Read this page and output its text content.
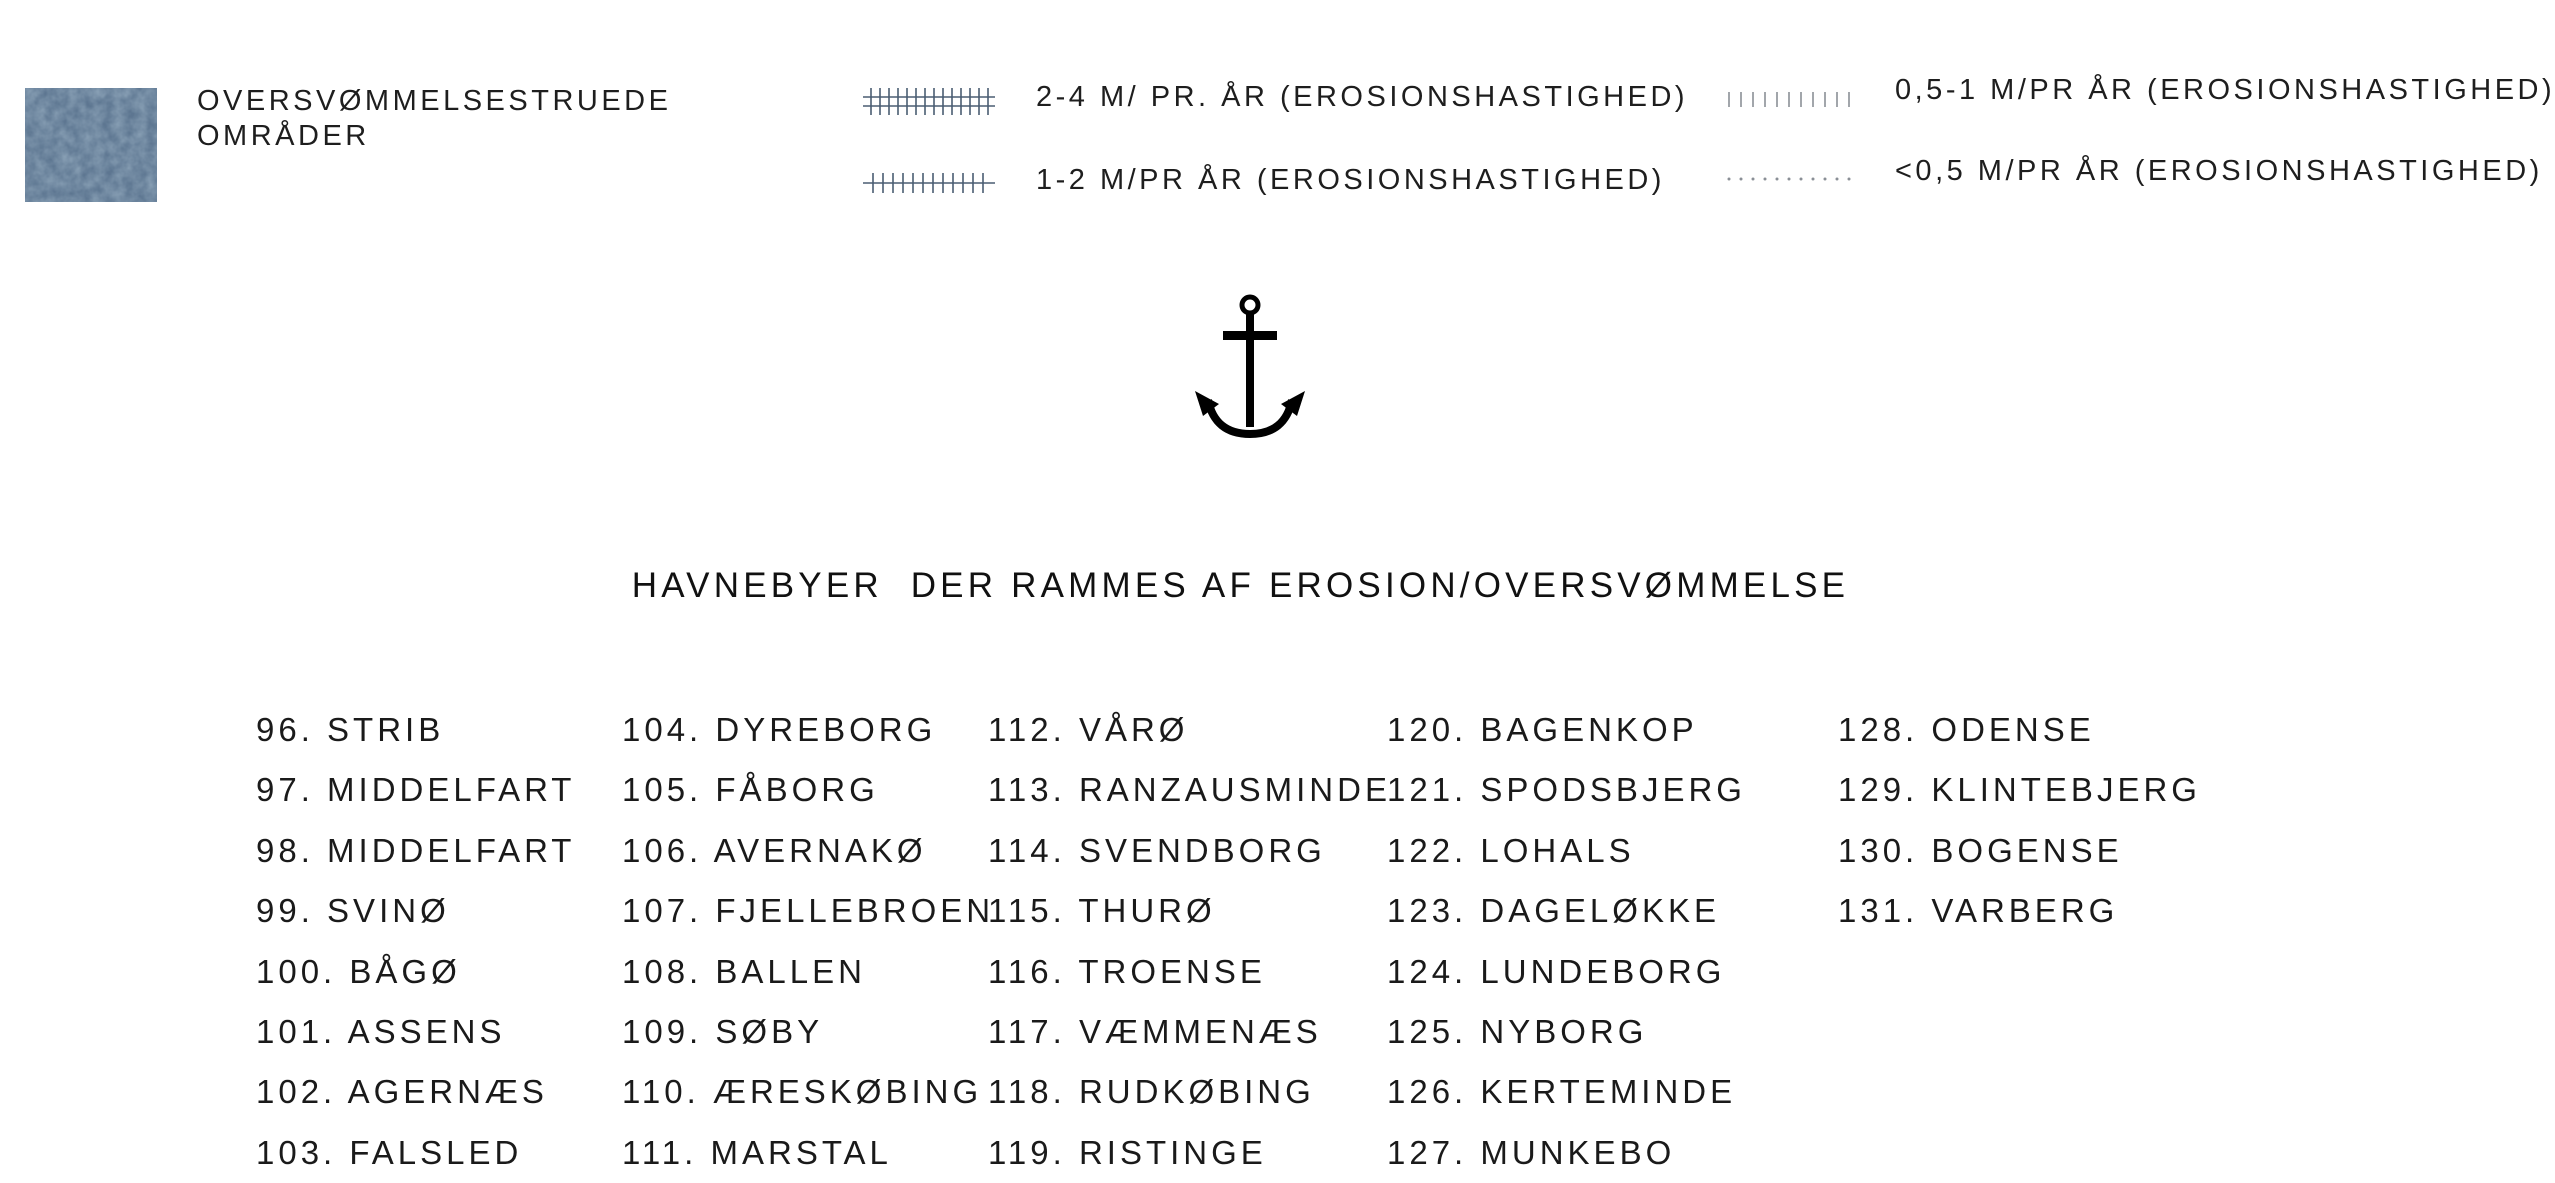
OVERSVØMMELSESTRUEDE
OMRÅDER
2-4 M/ PR. ÅR (EROSIONSHASTIGHED)
1-2 M/PR ÅR (EROSIONSHASTIGHED)
0,5-1 M/PR ÅR (EROSIONSHASTIGHED)
<0,5 M/PR ÅR (EROSIONSHASTIGHED)
HAVNEBYER  DER RAMMES AF EROSION/OVERSVØMMELSE
96. STRIB
97. MIDDELFART
98. MIDDELFART
99. SVINØ
100. BÅGØ
101. ASSENS
102. AGERNÆS
103. FALSLED
104. DYREBORG
105. FÅBORG
106. AVERNAKØ
107. FJELLEBROEN
108. BALLEN
109. SØBY
110. ÆRESKØBING
111. MARSTAL
112. VÅRØ
113. RANZAUSMINDE
114. SVENDBORG
115. THURØ
116. TROENSE
117. VÆMMENÆS
118. RUDKØBING
119. RISTINGE
120. BAGENKOP
121. SPODSBJERG
122. LOHALS
123. DAGELØKKE
124. LUNDEBORG
125. NYBORG
126. KERTEMINDE
127. MUNKEBO
128. ODENSE
129. KLINTEBJERG
130. BOGENSE
131. VARBERG
